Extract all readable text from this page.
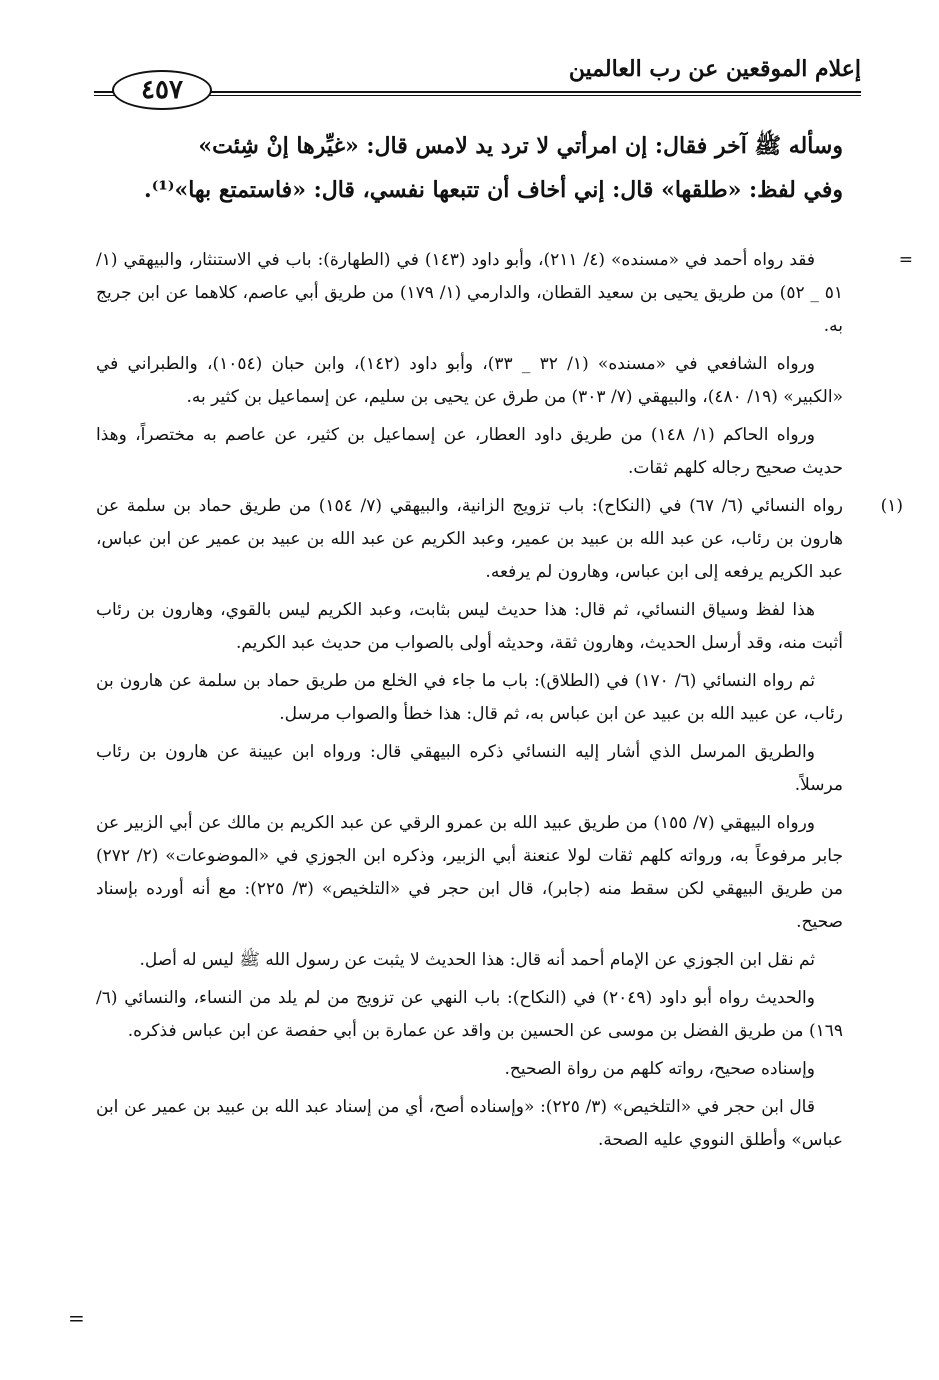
إعلام الموقعين عن رب العالمين
٤٥٧

وسأله ﷺ آخر فقال: إن امرأتي لا ترد يد لامس قال: «غيِّرها إنْ شِئت»

وفي لفظ: «طلقها» قال: إني أخاف أن تتبعها نفسي، قال: «فاستمتع بها»⁽¹⁾.

=

فقد رواه أحمد في «مسنده» (٤/ ٢١١)، وأبو داود (١٤٣) في (الطهارة): باب في الاستنثار، والبيهقي (١/ ٥١ _ ٥٢) من طريق يحيى بن سعيد القطان، والدارمي (١/ ١٧٩) من طريق أبي عاصم، كلاهما عن ابن جريج به.

ورواه الشافعي في «مسنده» (١/ ٣٢ _ ٣٣)، وأبو داود (١٤٢)، وابن حبان (١٠٥٤)، والطبراني في «الكبير» (١٩/ ٤٨٠)، والبيهقي (٧/ ٣٠٣) من طرق عن يحيى بن سليم، عن إسماعيل بن كثير به.

ورواه الحاكم (١/ ١٤٨) من طريق داود العطار، عن إسماعيل بن كثير، عن عاصم به مختصراً، وهذا حديث صحيح رجاله كلهم ثقات.

(١)

رواه النسائي (٦/ ٦٧) في (النكاح): باب تزويج الزانية، والبيهقي (٧/ ١٥٤) من طريق حماد بن سلمة عن هارون بن رئاب، عن عبد الله بن عبيد بن عمير، وعبد الكريم عن عبد الله بن عبيد بن عمير عن ابن عباس، عبد الكريم يرفعه إلى ابن عباس، وهارون لم يرفعه.

هذا لفظ وسياق النسائي، ثم قال: هذا حديث ليس بثابت، وعبد الكريم ليس بالقوي، وهارون بن رئاب أثبت منه، وقد أرسل الحديث، وهارون ثقة، وحديثه أولى بالصواب من حديث عبد الكريم.

ثم رواه النسائي (٦/ ١٧٠) في (الطلاق): باب ما جاء في الخلع من طريق حماد بن سلمة عن هارون بن رئاب، عن عبيد الله بن عبيد عن ابن عباس به، ثم قال: هذا خطأ والصواب مرسل.

والطريق المرسل الذي أشار إليه النسائي ذكره البيهقي قال: ورواه ابن عيينة عن هارون بن رئاب مرسلاً.

ورواه البيهقي (٧/ ١٥٥) من طريق عبيد الله بن عمرو الرقي عن عبد الكريم بن مالك عن أبي الزبير عن جابر مرفوعاً به، ورواته كلهم ثقات لولا عنعنة أبي الزبير، وذكره ابن الجوزي في «الموضوعات» (٢/ ٢٧٢) من طريق البيهقي لكن سقط منه (جابر)، قال ابن حجر في «التلخيص» (٣/ ٢٢٥): مع أنه أورده بإسناد صحيح.

ثم نقل ابن الجوزي عن الإمام أحمد أنه قال: هذا الحديث لا يثبت عن رسول الله ﷺ ليس له أصل.

والحديث رواه أبو داود (٢٠٤٩) في (النكاح): باب النهي عن تزويج من لم يلد من النساء، والنسائي (٦/ ١٦٩) من طريق الفضل بن موسى عن الحسين بن واقد عن عمارة بن أبي حفصة عن ابن عباس فذكره.

وإسناده صحيح، رواته كلهم من رواة الصحيح.

قال ابن حجر في «التلخيص» (٣/ ٢٢٥): «وإسناده أصح، أي من إسناد عبد الله بن عبيد بن عمير عن ابن عباس» وأطلق النووي عليه الصحة.

=
